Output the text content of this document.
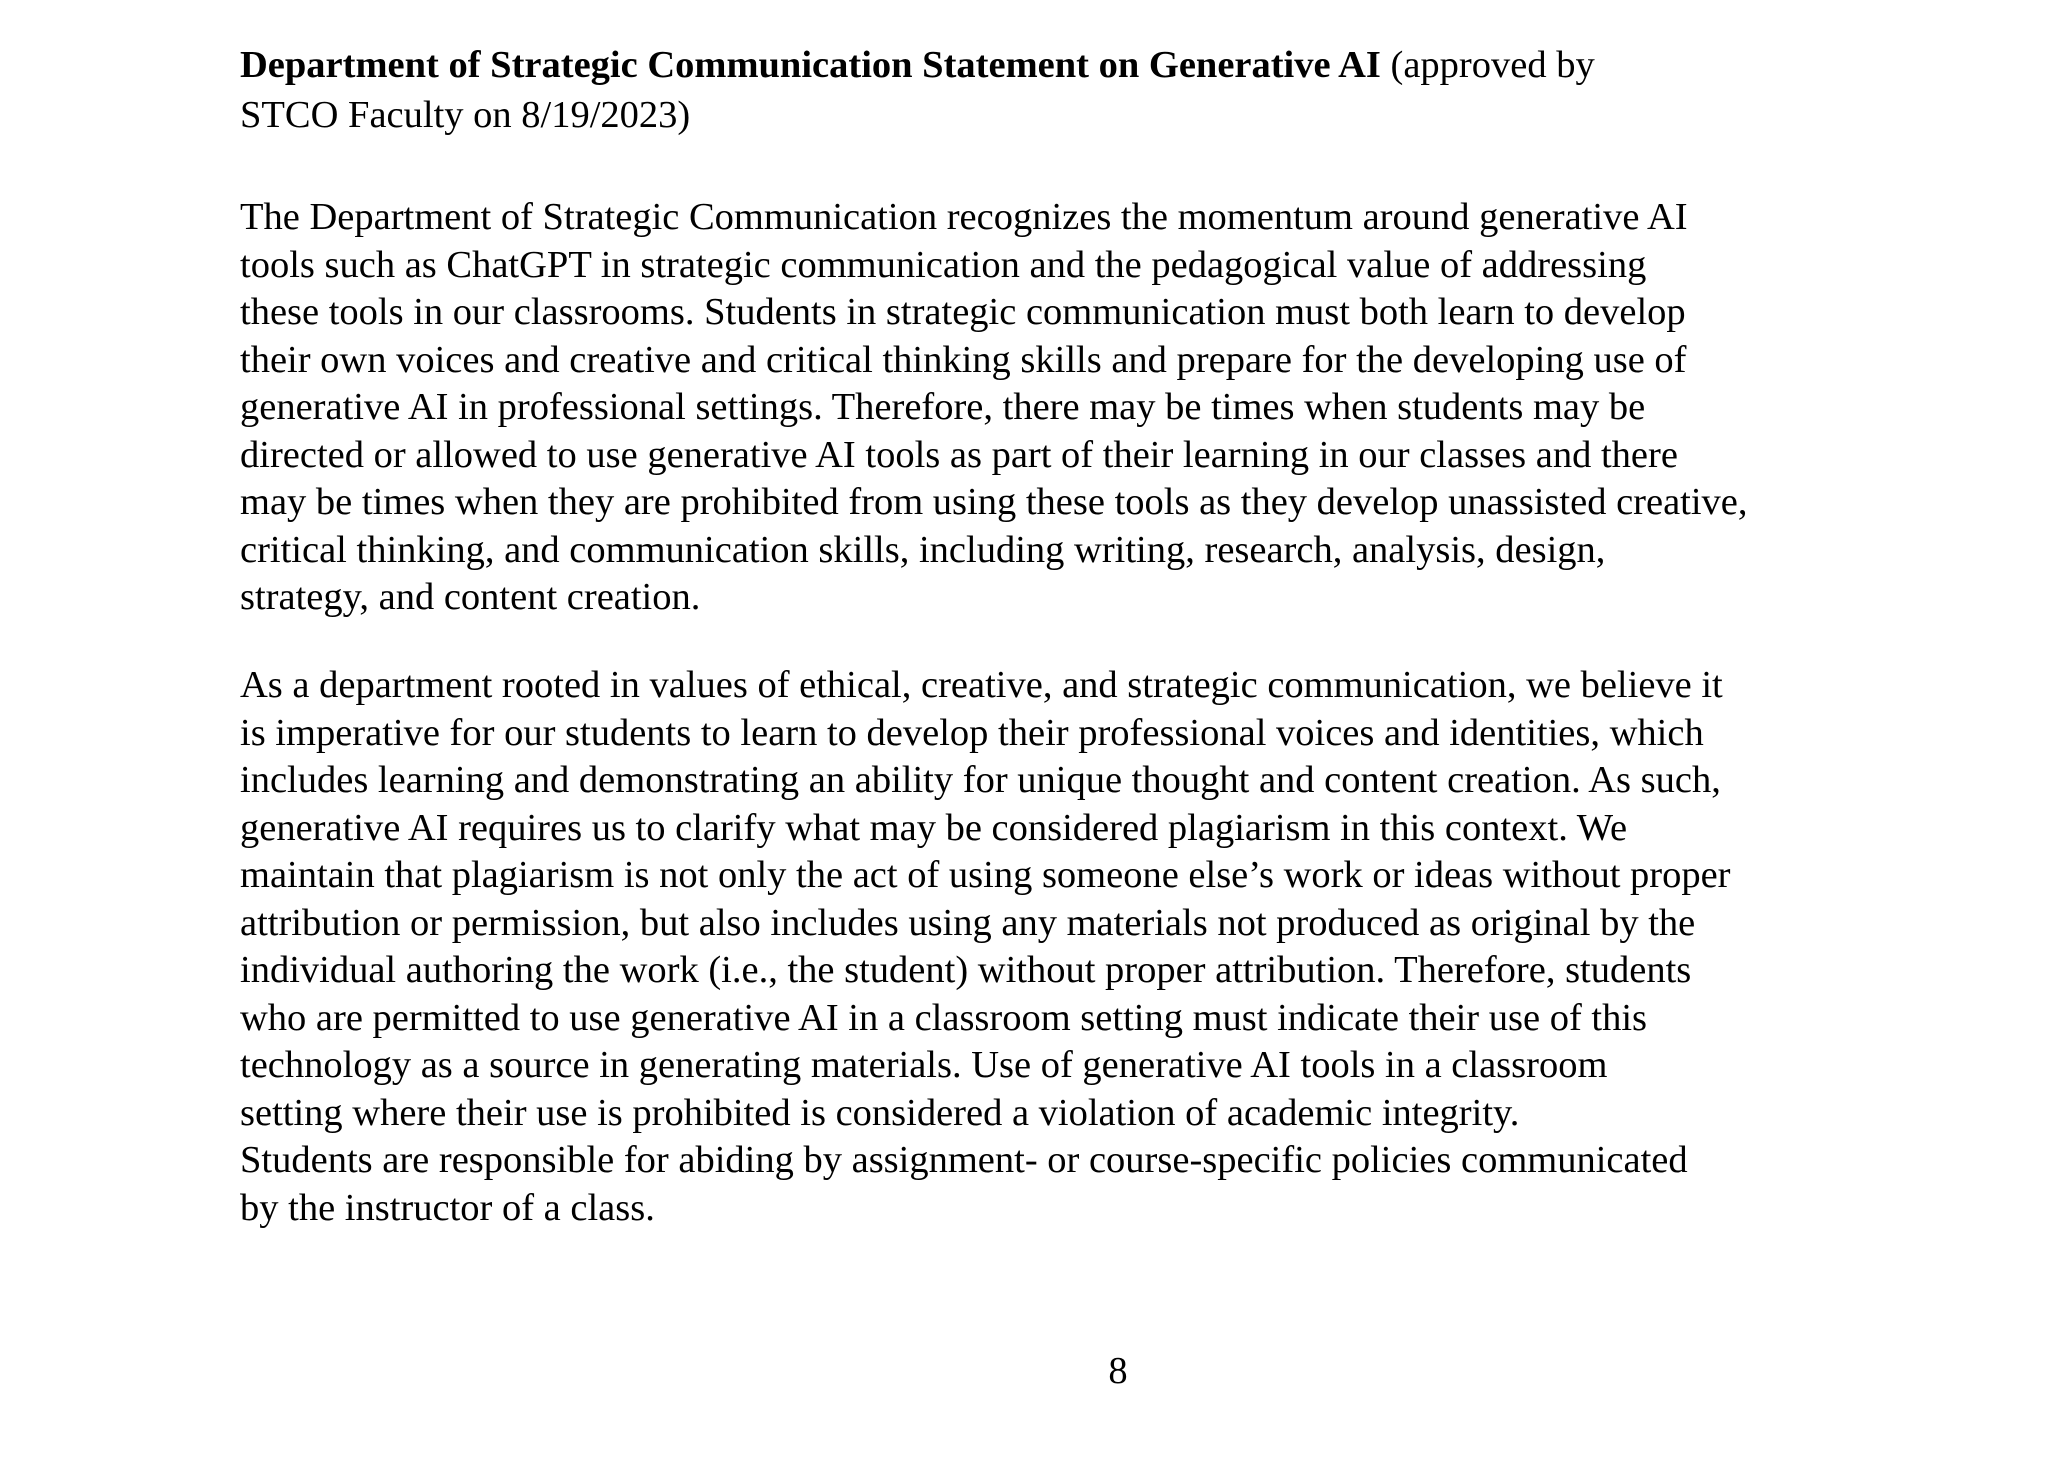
Department of Strategic Communication Statement on Generative AI (approved by
STCO Faculty on 8/19/2023)
The Department of Strategic Communication recognizes the momentum around generative AI
tools such as ChatGPT in strategic communication and the pedagogical value of addressing
these tools in our classrooms. Students in strategic communication must both learn to develop
their own voices and creative and critical thinking skills and prepare for the developing use of
generative AI in professional settings. Therefore, there may be times when students may be
directed or allowed to use generative AI tools as part of their learning in our classes and there
may be times when they are prohibited from using these tools as they develop unassisted creative,
critical thinking, and communication skills, including writing, research, analysis, design,
strategy, and content creation.
As a department rooted in values of ethical, creative, and strategic communication, we believe it
is imperative for our students to learn to develop their professional voices and identities, which
includes learning and demonstrating an ability for unique thought and content creation. As such,
generative AI requires us to clarify what may be considered plagiarism in this context. We
maintain that plagiarism is not only the act of using someone else’s work or ideas without proper
attribution or permission, but also includes using any materials not produced as original by the
individual authoring the work (i.e., the student) without proper attribution. Therefore, students
who are permitted to use generative AI in a classroom setting must indicate their use of this
technology as a source in generating materials. Use of generative AI tools in a classroom
setting where their use is prohibited is considered a violation of academic integrity.
Students are responsible for abiding by assignment- or course-specific policies communicated
by the instructor of a class.
8
